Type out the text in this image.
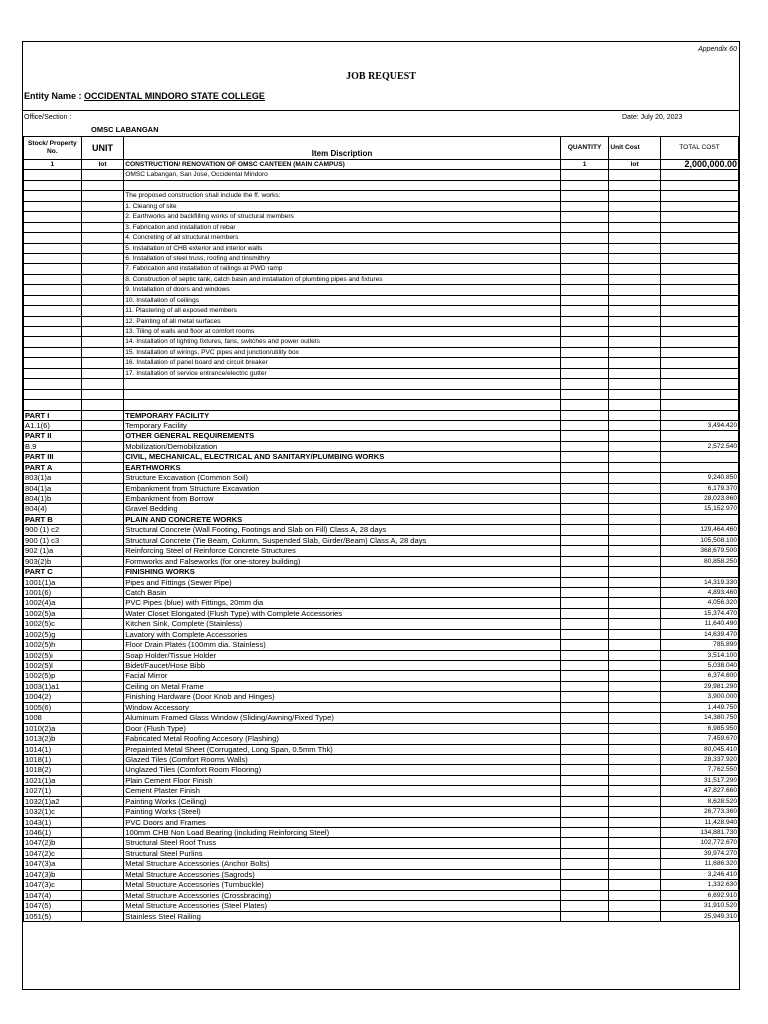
Appendix 60
JOB REQUEST
Entity Name : OCCIDENTAL MINDORO STATE COLLEGE
Office/Section :	Date: July 20, 2023
OMSC LABANGAN
Stock/ Property No.	UNIT	Item Discription	QUANTITY	Unit Cost	TOTAL COST
1	lot	CONSTRUCTION/ RENOVATION OF OMSC CANTEEN (MAIN CAMPUS)	1	lot	2,000,000.00
		OMSC Labangan, San Jose, Occidental Mindoro			

		The proposed construction shall include the ff. works:			
		1. Clearing of site			
		2. Earthworks and backfilling works of structural members			
		3. Fabrication and installation of rebar			
		4. Concreting of all structural members			
		5. Installation of CHB exterior and interior walls			
		6. Installation of steel truss, roofing and tinsmithry			
		7. Fabrication and installation of railings at PWD ramp			
		8. Construction of septic tank, catch basin and installation of plumbing pipes and fixtures			
		9. Installation of doors and windows			
		10. Installation of ceilings			
		11. Plastering of all exposed members			
		12. Painting of all metal surfaces			
		13. Tiling of walls and floor at comfort rooms			
		14. Installation of lighting fixtures, fans, switches and power outlets			
		15. Installation of wirings, PVC pipes and junction/utility box			
		16. Installation of panel board and circuit breaker			
		17. Installation of service entrance/electric gutter			

PART I		TEMPORARY FACILITY			
A1.1(6)		Temporary Facility			3,494.420
PART II		OTHER GENERAL REQUIREMENTS			
B.9		Mobilization/Demobilization			2,572.540
PART III		CIVIL, MECHANICAL, ELECTRICAL AND SANITARY/PLUMBING WORKS			
PART A		EARTHWORKS			
803(1)a		Structure Excavation (Common Soil)			9,240.850
804(1)a		Embankment from Structure Excavation			6,179.370
804(1)b		Embankment from Borrow			28,023.860
804(4)		Gravel Bedding			15,152.970
PART B		PLAIN AND CONCRETE WORKS			
900 (1) c2		Structural Concrete (Wall Footing, Footings and Slab on Fill) Class A, 28 days			129,464.460
900 (1) c3		Structural Concrete (Tie Beam, Column, Suspended Slab, Girder/Beam) Class A, 28 days			105,508.100
902 (1)a		Reinforcing Steel of Reinforce Concrete Structures			368,679.500
903(2)b		Formworks and Falseworks (for one-storey building)			80,858.250
PART C		FINISHING WORKS			
1001(1)a		Pipes and Fittings (Sewer Pipe)			14,319.330
1001(6)		Catch Basin			4,893.460
1002(4)a		PVC Pipes (blue) with Fittings, 20mm dia			4,056.320
1002(5)a		Water Closet Elongated (Flush Type) with Complete Accessories			15,374.470
1002(5)c		Kitchen Sink, Complete (Stainless)			11,640.490
1002(5)g		Lavatory with Complete Accessories			14,639.470
1002(5)h		Floor Drain Plates (100mm dia. Stainless)			785.890
1002(5)i		Soap Holder/Tissue Holder			3,514.100
1002(5)l		Bidet/Faucet/Hose Bibb			5,038.040
1002(5)p		Facial Mirror			6,374.600
1003(1)a1		Ceiling on Metal Frame			29,981.290
1004(2)		Finishing Hardware (Door Knob and Hinges)			3,900.000
1005(6)		Window Accessory			1,449.750
1008		Aluminum Framed Glass Window (Sliding/Awning/Fixed Type)			14,380.750
1010(2)a		Door (Flush Type)			6,985.950
1013(2)b		Fabricated Metal Roofing Accesory (Flashing)			7,459.670
1014(1)		Prepainted Metal Sheet (Corrugated, Long Span, 0.5mm Thk)			80,045.410
1018(1)		Glazed Tiles (Comfort Rooms Walls)			28,337.920
1018(2)		Unglazed Tiles (Comfort Room Flooring)			7,762.550
1021(1)a		Plain Cement Floor Finish			31,517.290
1027(1)		Cement Plaster Finish			47,827.660
1032(1)a2		Painting Works (Ceiling)			8,628.520
1032(1)c		Painting Works (Steel)			26,773.360
1043(1)		PVC Doors and Frames			11,428.940
1046(1)		100mm CHB Non Load Bearing (including Reinforcing Steel)			134,881.730
1047(2)b		Structural Steel Roof Truss			102,772.670
1047(2)c		Structural Steel Purlins			39,974.270
1047(3)a		Metal Structure Accessories (Anchor Bolts)			11,686.320
1047(3)b		Metal Structure Accessories (Sagrods)			3,246.410
1047(3)c		Metal Structure Accessories (Turnbuckle)			1,332.630
1047(4)		Metal Structure Accessories (Crossbracing)			6,692.910
1047(5)		Metal Structure Accessories (Steel Plates)			31,910.520
1051(5)		Stainless Steel Railing			25,949.310
